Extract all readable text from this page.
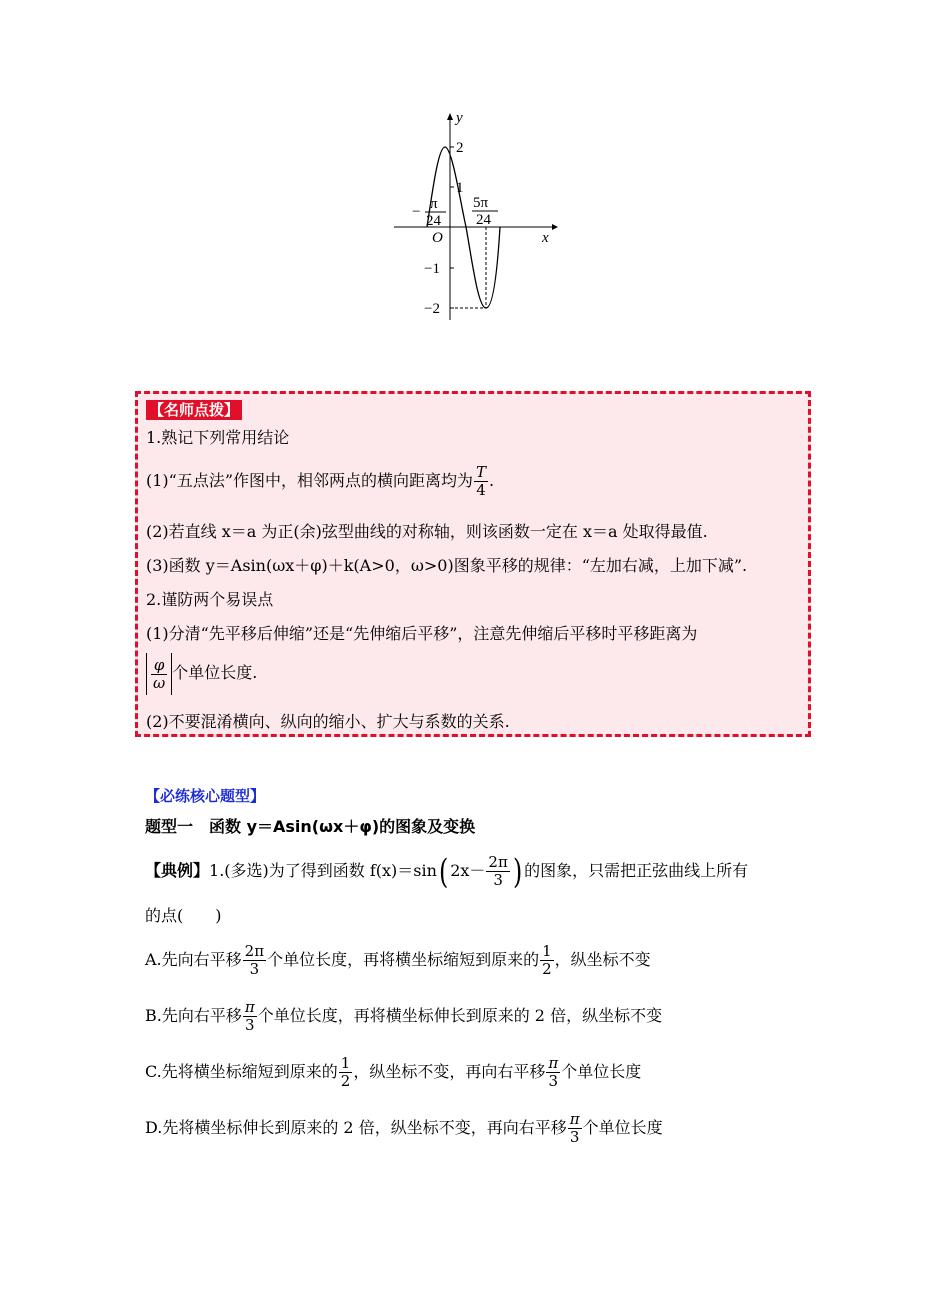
y
x
O
2
1
−1
−2
− π
24
5π
24
【名师点拨】
1.熟记下列常用结论
(1)“五点法”作图中，相邻两点的横向距离均为 $\frac{T}{4}$ .
(2)若直线 x＝a 为正(余)弦型曲线的对称轴，则该函数一定在 x＝a 处取得最值.
(3)函数 y＝Asin(ωx＋φ)＋k(A>0，ω>0)图象平移的规律：“左加右减，上加下减”.
2.谨防两个易误点
(1)分清“先平移后伸缩”还是“先伸缩后平移”，注意先伸缩后平移时平移距离为
$\frac{\varphi}{\omega}$ 个单位长度.
(2)不要混淆横向、纵向的缩小、扩大与系数的关系.
【必练核心题型】
题型一　函数 y＝Asin(ωx＋φ)的图象及变换
【典例】1.(多选)为了得到函数 f(x)＝sin( $2x- \frac{2\pi}{3}$ ) 的图象，只需把正弦曲线上所有
的点(　　)
A.先向右平移 $\frac{2\pi}{3}$ 个单位长度，再将横坐标缩短到原来的 $\frac{1}{2}$ ，纵坐标不变
B.先向右平移 $\frac{\pi}{3}$ 个单位长度，再将横坐标伸长到原来的 2 倍，纵坐标不变
C.先将横坐标缩短到原来的 $\frac{1}{2}$ ，纵坐标不变，再向右平移 $\frac{\pi}{3}$ 个单位长度
D.先将横坐标伸长到原来的 2 倍，纵坐标不变，再向右平移 $\frac{\pi}{3}$ 个单位长度
